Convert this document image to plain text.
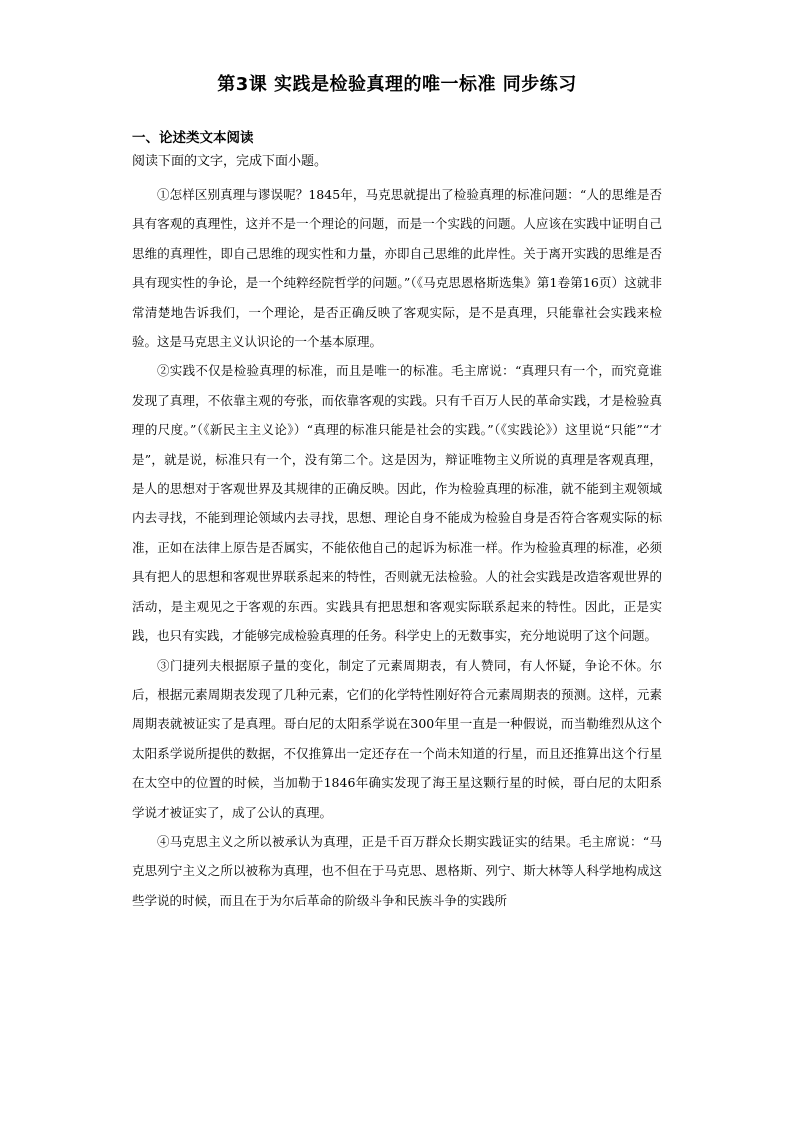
第3课 实践是检验真理的唯一标准 同步练习
一、论述类文本阅读
阅读下面的文字，完成下面小题。

①怎样区别真理与谬误呢？1845年，马克思就提出了检验真理的标准问题：“人的思维是否具有客观的真理性，这并不是一个理论的问题，而是一个实践的问题。人应该在实践中证明自己思维的真理性，即自己思维的现实性和力量，亦即自己思维的此岸性。关于离开实践的思维是否具有现实性的争论，是一个纯粹经院哲学的问题。”（《马克思恩格斯选集》第1卷第16页）这就非常清楚地告诉我们，一个理论，是否正确反映了客观实际，是不是真理，只能靠社会实践来检验。这是马克思主义认识论的一个基本原理。

②实践不仅是检验真理的标准，而且是唯一的标准。毛主席说：“真理只有一个，而究竟谁发现了真理，不依靠主观的夸张，而依靠客观的实践。只有千百万人民的革命实践，才是检验真理的尺度。”（《新民主主义论》）“真理的标准只能是社会的实践。”（《实践论》）这里说“只能”“才是”，就是说，标准只有一个，没有第二个。这是因为，辩证唯物主义所说的真理是客观真理，是人的思想对于客观世界及其规律的正确反映。因此，作为检验真理的标准，就不能到主观领域内去寻找，不能到理论领域内去寻找，思想、理论自身不能成为检验自身是否符合客观实际的标准，正如在法律上原告是否属实，不能依他自己的起诉为标准一样。作为检验真理的标准，必须具有把人的思想和客观世界联系起来的特性，否则就无法检验。人的社会实践是改造客观世界的活动，是主观见之于客观的东西。实践具有把思想和客观实际联系起来的特性。因此，正是实践，也只有实践，才能够完成检验真理的任务。科学史上的无数事实，充分地说明了这个问题。

③门捷列夫根据原子量的变化，制定了元素周期表，有人赞同，有人怀疑，争论不休。尔后，根据元素周期表发现了几种元素，它们的化学特性刚好符合元素周期表的预测。这样，元素周期表就被证实了是真理。哥白尼的太阳系学说在300年里一直是一种假说，而当勒维烈从这个太阳系学说所提供的数据，不仅推算出一定还存在一个尚未知道的行星，而且还推算出这个行星在太空中的位置的时候，当加勒于1846年确实发现了海王星这颗行星的时候，哥白尼的太阳系学说才被证实了，成了公认的真理。

④马克思主义之所以被承认为真理，正是千百万群众长期实践证实的结果。毛主席说：“马克思列宁主义之所以被称为真理，也不但在于马克思、恩格斯、列宁、斯大林等人科学地构成这些学说的时候，而且在于为尔后革命的阶级斗争和民族斗争的实践所
